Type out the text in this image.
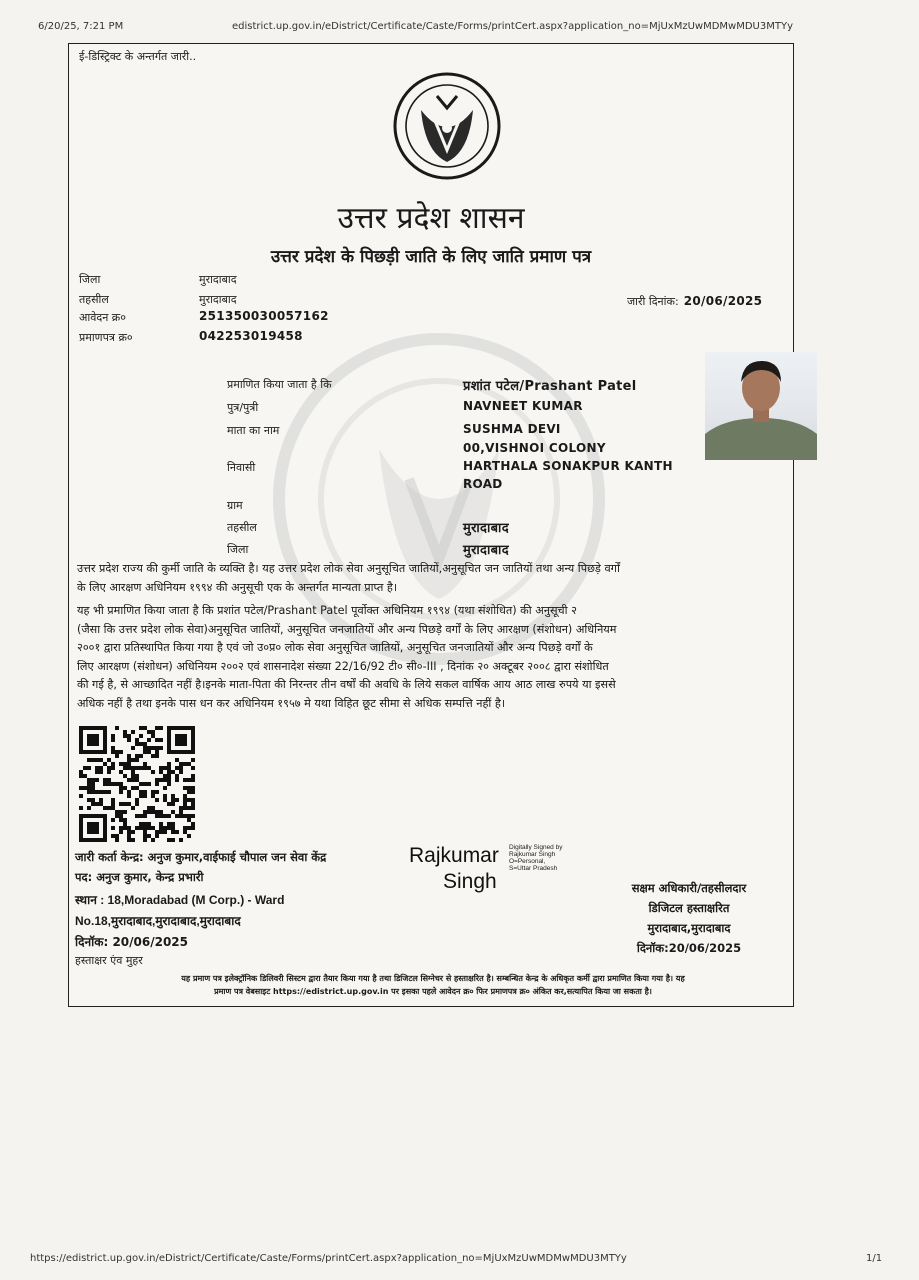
6/20/25, 7:21 PM	edistrict.up.gov.in/eDistrict/Certificate/Caste/Forms/printCert.aspx?application_no=MjUxMzUwMDMwMDU3MTYy
ई-डिस्ट्रिक्ट के अन्तर्गत जारी..
उत्तर प्रदेश शासन
उत्तर प्रदेश के पिछड़ी जाति के लिए जाति प्रमाण पत्र
जिला	मुरादाबाद
तहसील	मुरादाबाद
आवेदन क्र०	251350030057162
प्रमाणपत्र क्र०	042253019458
जारी दिनांक: 20/06/2025
प्रमाणित किया जाता है कि	प्रशांत पटेल/Prashant Patel
पुत्र/पुत्री	NAVNEET KUMAR
माता का नाम	SUSHMA DEVI
00,VISHNOI COLONY
निवासी	HARTHALA SONAKPUR KANTH
ROAD
ग्राम
तहसील	मुरादाबाद
जिला	मुरादाबाद
उत्तर प्रदेश राज्य की कुर्मी जाति के व्यक्ति है। यह उत्तर प्रदेश लोक सेवा अनुसूचित जातियों,अनुसूचित जन जातियों तथा अन्य पिछड़े वर्गों
के लिए आरक्षण अधिनियम १९९४ की अनुसूची एक के अन्तर्गत मान्यता प्राप्त है।
यह भी प्रमाणित किया जाता है कि प्रशांत पटेल/Prashant Patel पूर्वोक्त अधिनियम १९९४ (यथा संशोधित) की अनुसूची २
(जैसा कि उत्तर प्रदेश लोक सेवा)अनुसूचित जातियों, अनुसूचित जनजातियों और अन्य पिछड़े वर्गों के लिए आरक्षण (संशोधन) अधिनियम
२००१ द्वारा प्रतिस्थापित किया गया है एवं जो उ०प्र० लोक सेवा अनुसूचित जातियों, अनुसूचित जनजातियों और अन्य पिछड़े वर्गों के
लिए आरक्षण (संशोधन) अधिनियम २००२ एवं शासनादेश संख्या 22/16/92 टी० सी०-III , दिनांक २० अक्टूबर २००८ द्वारा संशोधित
की गई है, से आच्छादित नहीं है।इनके माता-पिता की निरन्तर तीन वर्षों की अवधि के लिये सकल वार्षिक आय आठ लाख रुपये या इससे
अधिक नहीं है तथा इनके पास धन कर अधिनियम १९५७ मे यथा विहित छूट सीमा से अधिक सम्पत्ति नहीं है।
जारी कर्ता केन्द्र: अनुज कुमार,वाईफाई चौपाल जन सेवा केंद्र
पद: अनुज कुमार, केन्द्र प्रभारी
स्थान : 18,Moradabad (M Corp.) - Ward
No.18,मुरादाबाद,मुरादाबाद,मुरादाबाद
दिनॉक: 20/06/2025
हस्ताक्षर एंव मुहर
Rajkumar
Singh
Digitally Signed by
Rajkumar Singh
O=Personal,
S=Uttar Pradesh
सक्षम अधिकारी/तहसीलदार
डिजिटल हस्ताक्षरित
मुरादाबाद,मुरादाबाद
दिनॉक:20/06/2025
यह प्रमाण पत्र इलेक्ट्रॉनिक डिलिवरी सिस्टम द्वारा तैयार किया गया है तथा डिजिटल सिग्नेचर से हस्ताक्षरित है। सम्बन्धित केन्द्र के अधिकृत कर्मी द्वारा प्रमाणित किया गया है। यह
प्रमाण पत्र वेबसाइट https://edistrict.up.gov.in पर इसका पहले आवेदन क्र० फिर प्रमाणपत्र क्र० अंकित कर,सत्यापित किया जा सकता है।
https://edistrict.up.gov.in/eDistrict/Certificate/Caste/Forms/printCert.aspx?application_no=MjUxMzUwMDMwMDU3MTYy	1/1
